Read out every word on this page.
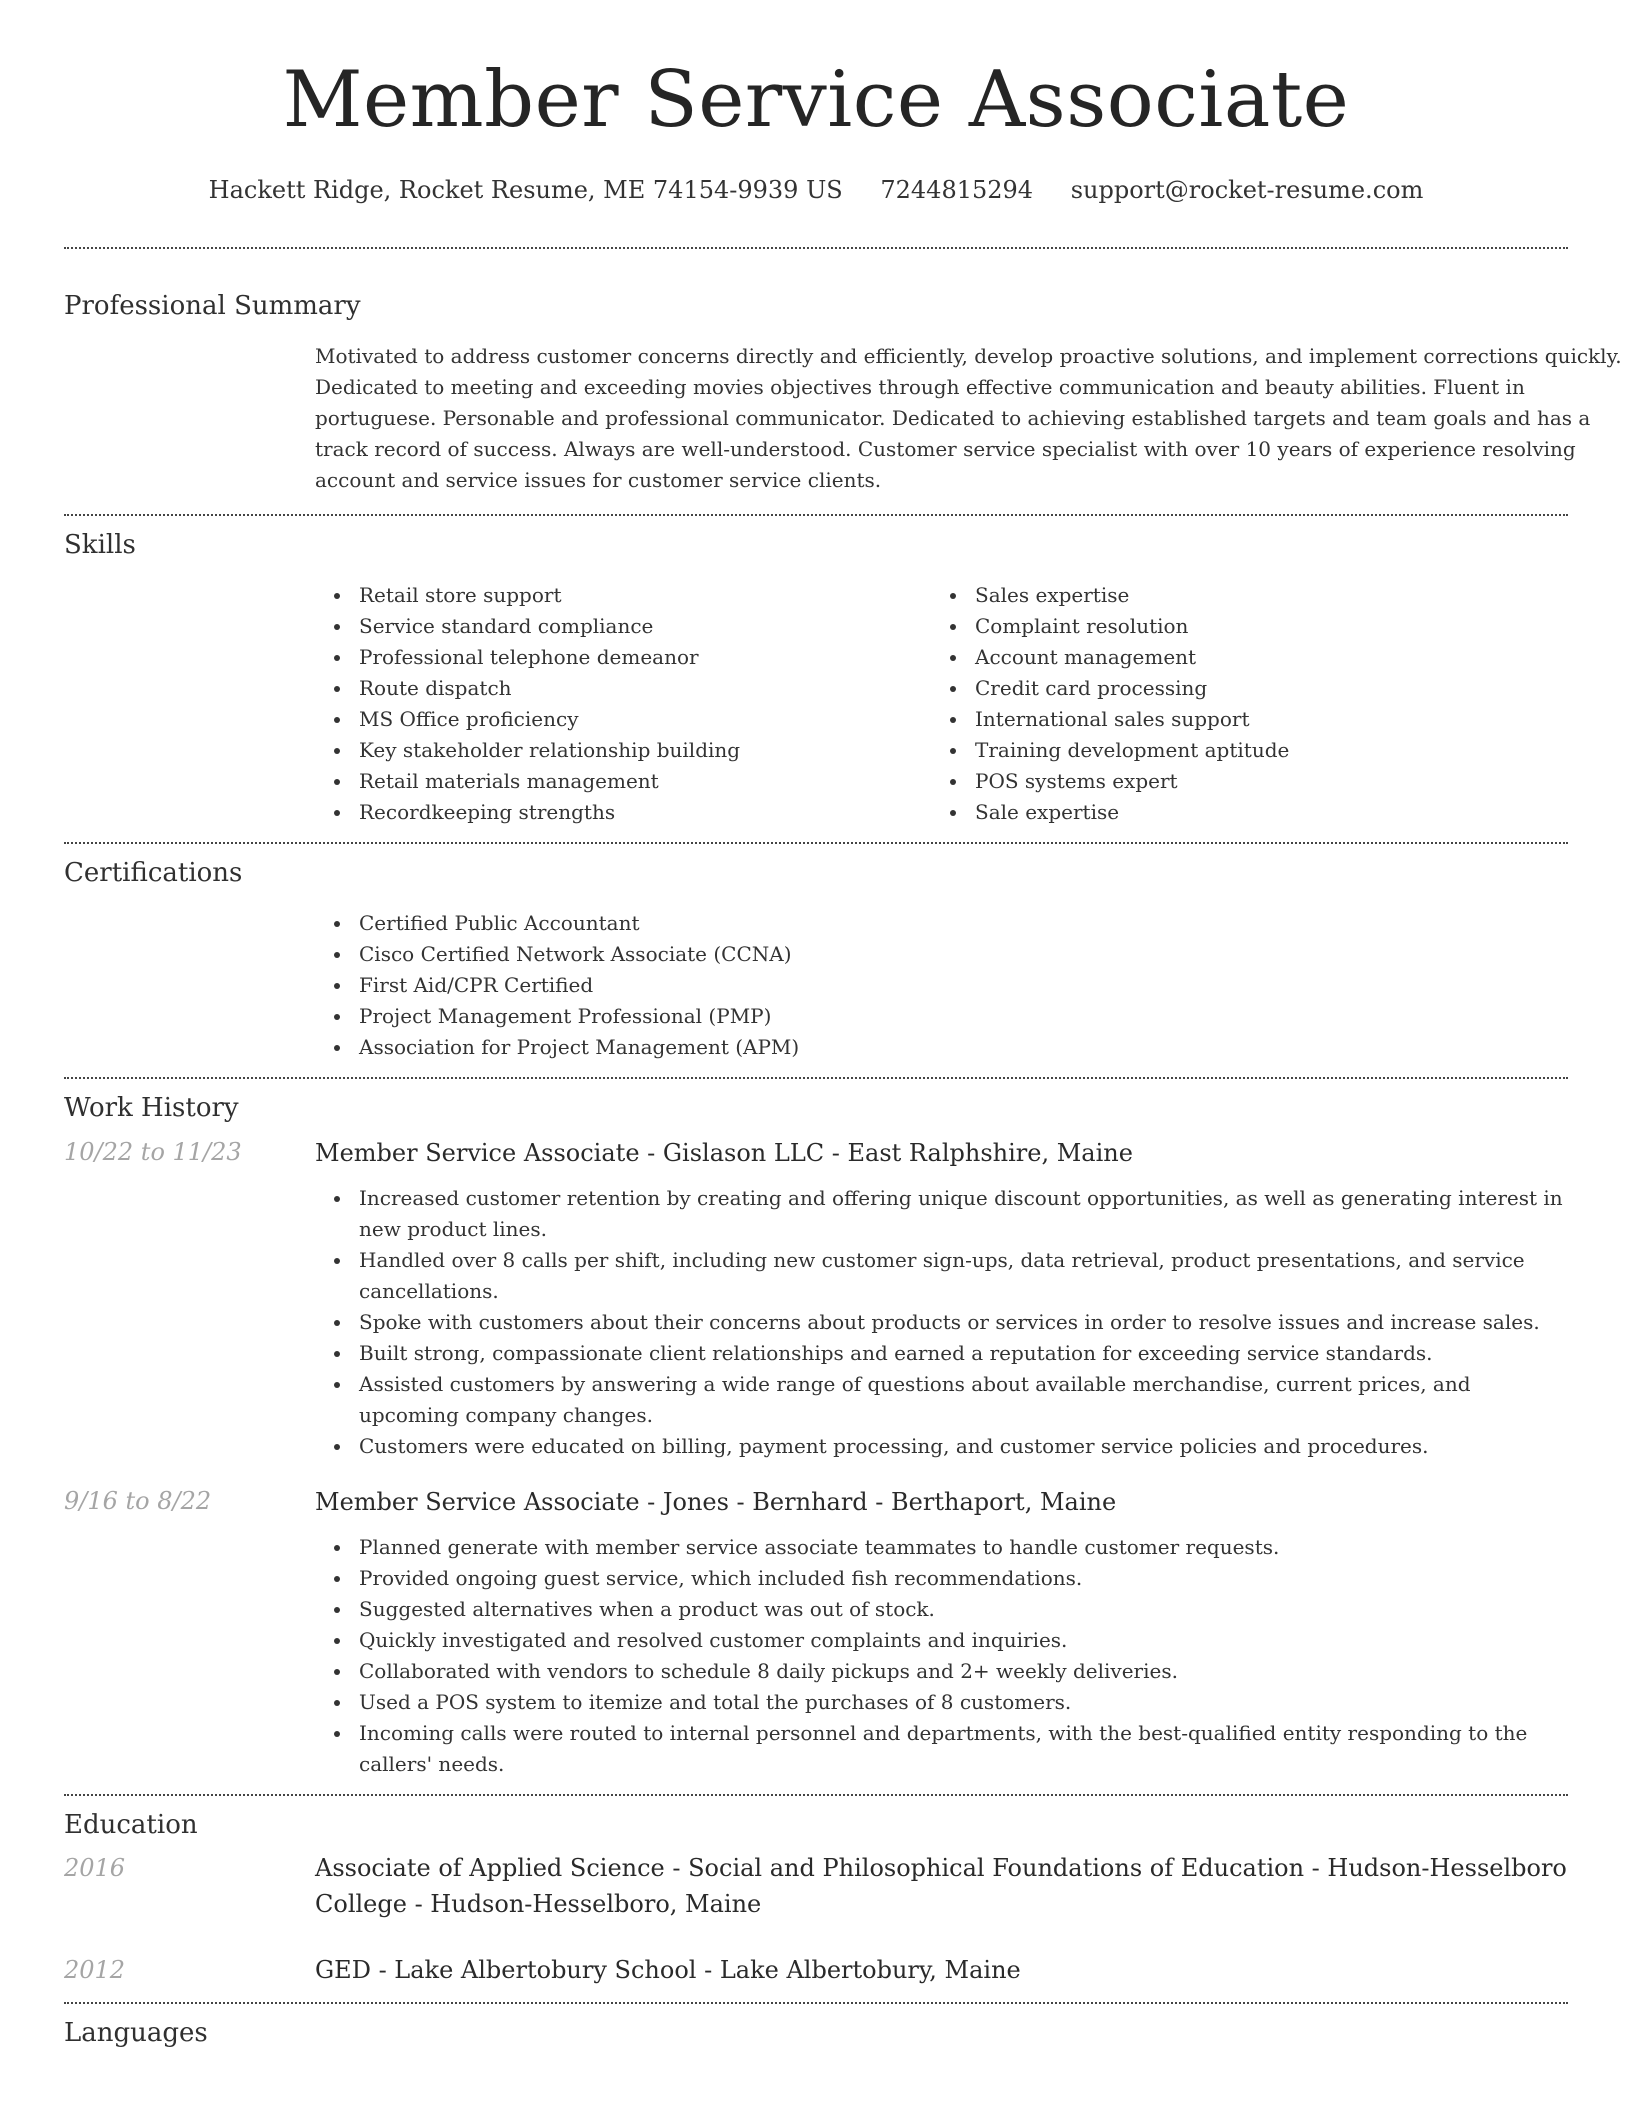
Member Service Associate
Hackett Ridge, Rocket Resume, ME 74154-9939 US 7244815294 support@rocket-resume.com
Professional Summary

Motivated to address customer concerns directly and efficiently, develop proactive solutions, and implement corrections quickly. Dedicated to meeting and exceeding movies objectives through effective communication and beauty abilities. Fluent in portuguese. Personable and professional communicator. Dedicated to achieving established targets and team goals and has a track record of success. Always are well-understood. Customer service specialist with over 10 years of experience resolving account and service issues for customer service clients.

Skills
Retail store support
Service standard compliance
Professional telephone demeanor
Route dispatch
MS Office proficiency
Key stakeholder relationship building
Retail materials management
Recordkeeping strengths
Sales expertise
Complaint resolution
Account management
Credit card processing
International sales support
Training development aptitude
POS systems expert
Sale expertise
Certifications
Certified Public Accountant
Cisco Certified Network Associate (CCNA)
First Aid/CPR Certified
Project Management Professional (PMP)
Association for Project Management (APM)
Work History
10/22 to 11/23	Member Service Associate - Gislason LLC - East Ralphshire, Maine
Increased customer retention by creating and offering unique discount opportunities, as well as generating interest in new product lines.
Handled over 8 calls per shift, including new customer sign-ups, data retrieval, product presentations, and service cancellations.
Spoke with customers about their concerns about products or services in order to resolve issues and increase sales.
Built strong, compassionate client relationships and earned a reputation for exceeding service standards.
Assisted customers by answering a wide range of questions about available merchandise, current prices, and upcoming company changes.
Customers were educated on billing, payment processing, and customer service policies and procedures.
9/16 to 8/22	Member Service Associate - Jones - Bernhard - Berthaport, Maine
Planned generate with member service associate teammates to handle customer requests.
Provided ongoing guest service, which included fish recommendations.
Suggested alternatives when a product was out of stock.
Quickly investigated and resolved customer complaints and inquiries.
Collaborated with vendors to schedule 8 daily pickups and 2+ weekly deliveries.
Used a POS system to itemize and total the purchases of 8 customers.
Incoming calls were routed to internal personnel and departments, with the best-qualified entity responding to the callers' needs.
Education
2016	Associate of Applied Science - Social and Philosophical Foundations of Education - Hudson-Hesselboro College - Hudson-Hesselboro, Maine
2012	GED - Lake Albertobury School - Lake Albertobury, Maine
Languages
